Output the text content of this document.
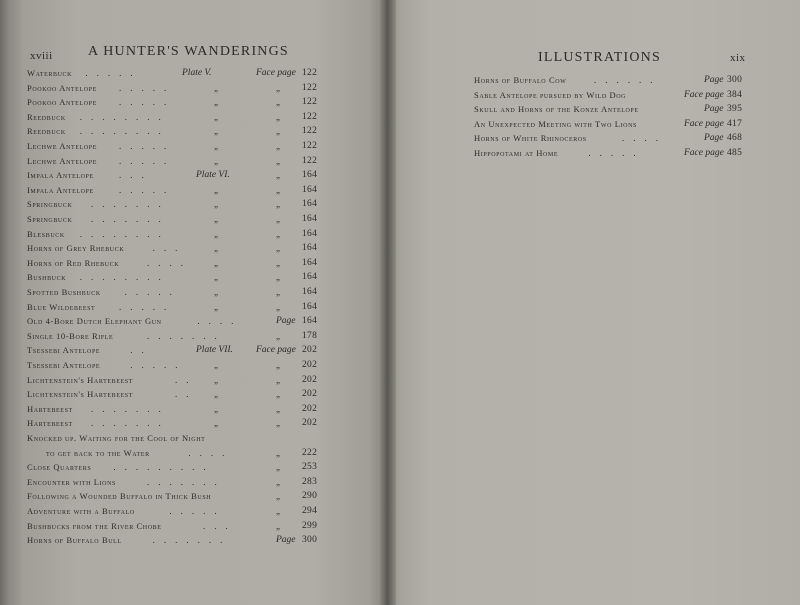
xviii	A HUNTER'S WANDERINGS
Waterbuck .....	Plate V.	Face page 122
Pookoo Antelope .....	„	„ 122
Pookoo Antelope .....	„	„ 122
Reedbuck ........	„	„ 122
Reedbuck ........	„	„ 122
Lechwe Antelope .....	„	„ 122
Lechwe Antelope .....	„	„ 122
Impala Antelope	...	Plate VI.	„ 164
Impala Antelope	.....	„	„ 164
Springbuck .......	„	„ 164
Springbuck .......	„	„ 164
Blesbuck ........	„	„ 164
Horns of Grey Rhebuck	...	„	„ 164
Horns of Red Rhebuck	.... „	„ 164
Bushbuck ........	„	„ 164
Spotted Bushbuck	.....	„	„ 164
Blue Wildebeest	.....	„	„ 164
Old 4-Bore Dutch Elephant Gun	....	Page 164
Single 10-Bore Rifle	.......	„ 178
Tsessebi Antelope	..	Plate VII. Face page 202
Tsessebi Antelope	.....	„	„ 202
Lichtenstein's Hartebeest	.. „	„ 202
Lichtenstein's Hartebeest	.. „	„ 202
Hartebeest .......	„	„ 202
Hartebeest .......	„	„ 202
Knocked up. Waiting for the Cool of Night
to get back to the Water	....	„ 222
Close Quarters .........	„ 253
Encounter with Lions	.......	„ 283
Following a Wounded Buffalo in Thick Bush	„ 290
Adventure with a Buffalo	.....	„ 294
Bushbucks from the River Chobe	...	„ 299
Horns of Buffalo Bull	.......	Page 300
ILLUSTRATIONS	xix
Horns of Buffalo Cow	......	Page 300
Sable Antelope pursued by Wild Dog	Face page 384
Skull and Horns of the Konze Antelope	Page 395
An Unexpected Meeting with Two Lions	Face page 417
Horns of White Rhinoceros	....	Page 468
Hippopotami at Home	.....	Face page 485
